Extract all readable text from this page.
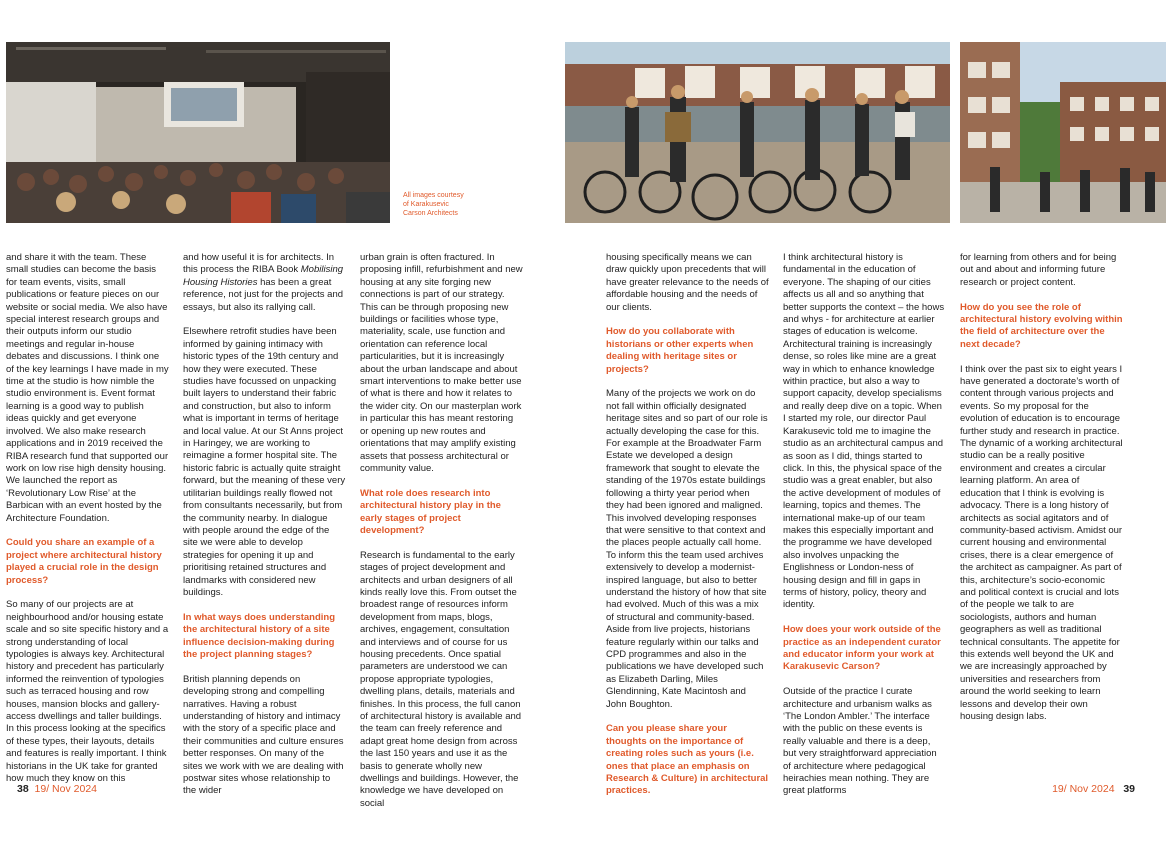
All images courtesy
of Karakusevic
Carson Architects

and share it with the team. These small studies can become the basis for team events, visits, small publications or feature pieces on our website or social media. We also have special interest research groups and their outputs inform our studio meetings and regular in-house debates and discussions. I think one of the key learnings I have made in my time at the studio is how nimble the studio environment is. Event format learning is a good way to publish ideas quickly and get everyone involved. We also make research applications and in 2019 received the RIBA research fund that supported our work on low rise high density housing. We launched the report as ‘Revolutionary Low Rise’ at the Barbican with an event hosted by the Architecture Foundation.

Could you share an example of a project where architectural history played a crucial role in the design process?

So many of our projects are at neighbourhood and/or housing estate scale and so site specific history and a strong understanding of local typologies is always key. Architectural history and precedent has particularly informed the reinvention of typologies such as terraced housing and row houses, mansion blocks and gallery-access dwellings and taller buildings. In this process looking at the specifics of these types, their layouts, details and features is really important. I think historians in the UK take for granted how much they know on this

and how useful it is for architects. In this process the RIBA Book Mobilising Housing Histories has been a great reference, not just for the projects and essays, but also its rallying call.

Elsewhere retrofit studies have been informed by gaining intimacy with historic types of the 19th century and how they were executed. These studies have focussed on unpacking built layers to understand their fabric and construction, but also to inform what is important in terms of heritage and local value. At our St Anns project in Haringey, we are working to reimagine a former hospital site. The historic fabric is actually quite straight forward, but the meaning of these very utilitarian buildings really flowed not from consultants necessarily, but from the community nearby. In dialogue with people around the edge of the site we were able to develop strategies for opening it up and prioritising retained structures and landmarks with considered new buildings.

In what ways does understanding the architectural history of a site influence decision-making during the project planning stages?

British planning depends on developing strong and compelling narratives. Having a robust understanding of history and intimacy with the story of a specific place and their communities and culture ensures better responses. On many of the sites we work with we are dealing with postwar sites whose relationship to the wider

urban grain is often fractured. In proposing infill, refurbishment and new housing at any site forging new connections is part of our strategy. This can be through proposing new buildings or facilities whose type, materiality, scale, use function and orientation can reference local particularities, but it is increasingly about the urban landscape and about smart interventions to make better use of what is there and how it relates to the wider city. On our masterplan work in particular this has meant restoring or opening up new routes and orientations that may amplify existing assets that possess architectural or community value.

What role does research into architectural history play in the early stages of project development?

Research is fundamental to the early stages of project development and architects and urban designers of all kinds really love this. From outset the broadest range of resources inform development from maps, blogs, archives, engagement, consultation and interviews and of course for us housing precedents. Once spatial parameters are understood we can propose appropriate typologies, dwelling plans, details, materials and finishes. In this process, the full canon of architectural history is available and the team can freely reference and adapt great home design from across the last 150 years and use it as the basis to generate wholly new dwellings and buildings. However, the knowledge we have developed on social

housing specifically means we can draw quickly upon precedents that will have greater relevance to the needs of affordable housing and the needs of our clients.

How do you collaborate with historians or other experts when dealing with heritage sites or projects?

Many of the projects we work on do not fall within officially designated heritage sites and so part of our role is actually developing the case for this. For example at the Broadwater Farm Estate we developed a design framework that sought to elevate the standing of the 1970s estate buildings following a thirty year period when they had been ignored and maligned. This involved developing responses that were sensitive to that context and the places people actually call home. To inform this the team used archives extensively to develop a modernist-inspired language, but also to better understand the history of how that site had evolved. Much of this was a mix of structural and community-based. Aside from live projects, historians feature regularly within our talks and CPD programmes and also in the publications we have developed such as Elizabeth Darling, Miles Glendinning, Kate Macintosh and John Boughton.

Can you please share your thoughts on the importance of creating roles such as yours (i.e. ones that place an emphasis on Research & Culture) in architectural practices.

I think architectural history is fundamental in the education of everyone. The shaping of our cities affects us all and so anything that better supports the context – the hows and whys - for architecture at earlier stages of education is welcome. Architectural training is increasingly dense, so roles like mine are a great way in which to enhance knowledge within practice, but also a way to support capacity, develop specialisms and really deep dive on a topic. When I started my role, our director Paul Karakusevic told me to imagine the studio as an architectural campus and as soon as I did, things started to click. In this, the physical space of the studio was a great enabler, but also the active development of modules of learning, topics and themes. The international make-up of our team makes this especially important and the programme we have developed also involves unpacking the Englishness or London-ness of housing design and fill in gaps in terms of history, policy, theory and identity.

How does your work outside of the practice as an independent curator and educator inform your work at Karakusevic Carson?

Outside of the practice I curate architecture and urbanism walks as ‘The London Ambler.’ The interface with the public on these events is really valuable and there is a deep, but very straightforward appreciation of architecture where pedagogical heirachies mean nothing. They are great platforms

for learning from others and for being out and about and informing future research or project content.

How do you see the role of architectural history evolving within the field of architecture over the next decade?

I think over the past six to eight years I have generated a doctorate’s worth of content through various projects and events. So my proposal for the evolution of education is to encourage further study and research in practice. The dynamic of a working architectural studio can be a really positive environment and creates a circular learning platform. An area of education that I think is evolving is advocacy. There is a long history of architects as social agitators and of community-based activism. Amidst our current housing and environmental crises, there is a clear emergence of the architect as campaigner. As part of this, architecture’s socio-economic and political context is crucial and lots of the people we talk to are sociologists, authors and human geographers as well as traditional technical consultants. The appetite for this extends well beyond the UK and we are increasingly approached by universities and researchers from around the world seeking to learn lessons and develop their own housing design labs.

38 19/ Nov 2024	19/ Nov 2024 39
